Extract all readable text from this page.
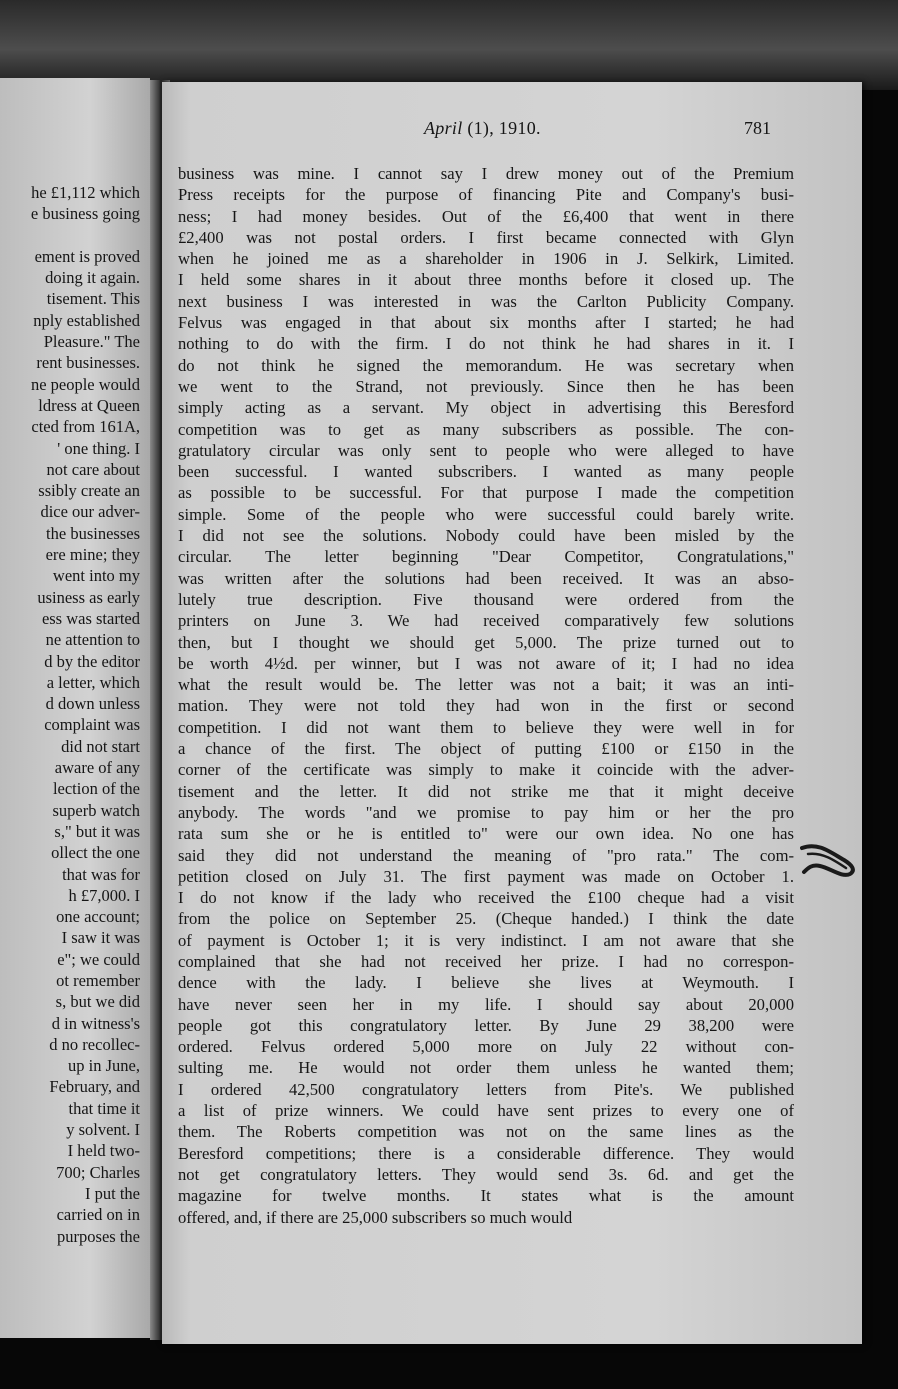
he £1,112 which
e business going

ement is proved
doing it again.
tisement. This
nply established
Pleasure." The
rent businesses.
ne people would
ldress at Queen
cted from 161A,
' one thing. I
not care about
ssibly create an
dice our adver-
the businesses
ere mine; they
went into my
usiness as early
ess was started
ne attention to
d by the editor
a letter, which
d down unless
complaint was
did not start
aware of any
lection of the
superb watch
s," but it was
ollect the one
that was for
h £7,000. I
one account;
I saw it was
e"; we could
ot remember
s, but we did
d in witness's
d no recollec-
up in June,
February, and
that time it
y solvent. I
I held two-
700; Charles
I put the
carried on in
purposes the
April (1), 1910.	781
business was mine. I cannot say I drew money out of the Premium
Press receipts for the purpose of financing Pite and Company's busi-
ness; I had money besides. Out of the £6,400 that went in there
£2,400 was not postal orders. I first became connected with Glyn
when he joined me as a shareholder in 1906 in J. Selkirk, Limited.
I held some shares in it about three months before it closed up. The
next business I was interested in was the Carlton Publicity Company.
Felvus was engaged in that about six months after I started; he had
nothing to do with the firm. I do not think he had shares in it. I
do not think he signed the memorandum. He was secretary when
we went to the Strand, not previously. Since then he has been
simply acting as a servant. My object in advertising this Beresford
competition was to get as many subscribers as possible. The con-
gratulatory circular was only sent to people who were alleged to have
been successful. I wanted subscribers. I wanted as many people
as possible to be successful. For that purpose I made the competition
simple. Some of the people who were successful could barely write.
I did not see the solutions. Nobody could have been misled by the
circular. The letter beginning "Dear Competitor, Congratulations,"
was written after the solutions had been received. It was an abso-
lutely true description. Five thousand were ordered from the
printers on June 3. We had received comparatively few solutions
then, but I thought we should get 5,000. The prize turned out to
be worth 4½d. per winner, but I was not aware of it; I had no idea
what the result would be. The letter was not a bait; it was an inti-
mation. They were not told they had won in the first or second
competition. I did not want them to believe they were well in for
a chance of the first. The object of putting £100 or £150 in the
corner of the certificate was simply to make it coincide with the adver-
tisement and the letter. It did not strike me that it might deceive
anybody. The words "and we promise to pay him or her the pro
rata sum she or he is entitled to" were our own idea. No one has
said they did not understand the meaning of "pro rata." The com-
petition closed on July 31. The first payment was made on October 1.
I do not know if the lady who received the £100 cheque had a visit
from the police on September 25. (Cheque handed.) I think the date
of payment is October 1; it is very indistinct. I am not aware that she
complained that she had not received her prize. I had no correspon-
dence with the lady. I believe she lives at Weymouth. I
have never seen her in my life. I should say about 20,000
people got this congratulatory letter. By June 29 38,200 were
ordered. Felvus ordered 5,000 more on July 22 without con-
sulting me. He would not order them unless he wanted them;
I ordered 42,500 congratulatory letters from Pite's. We published
a list of prize winners. We could have sent prizes to every one of
them. The Roberts competition was not on the same lines as the
Beresford competitions; there is a considerable difference. They would
not get congratulatory letters. They would send 3s. 6d. and get the
magazine for twelve months. It states what is the amount
offered, and, if there are 25,000 subscribers so much would
